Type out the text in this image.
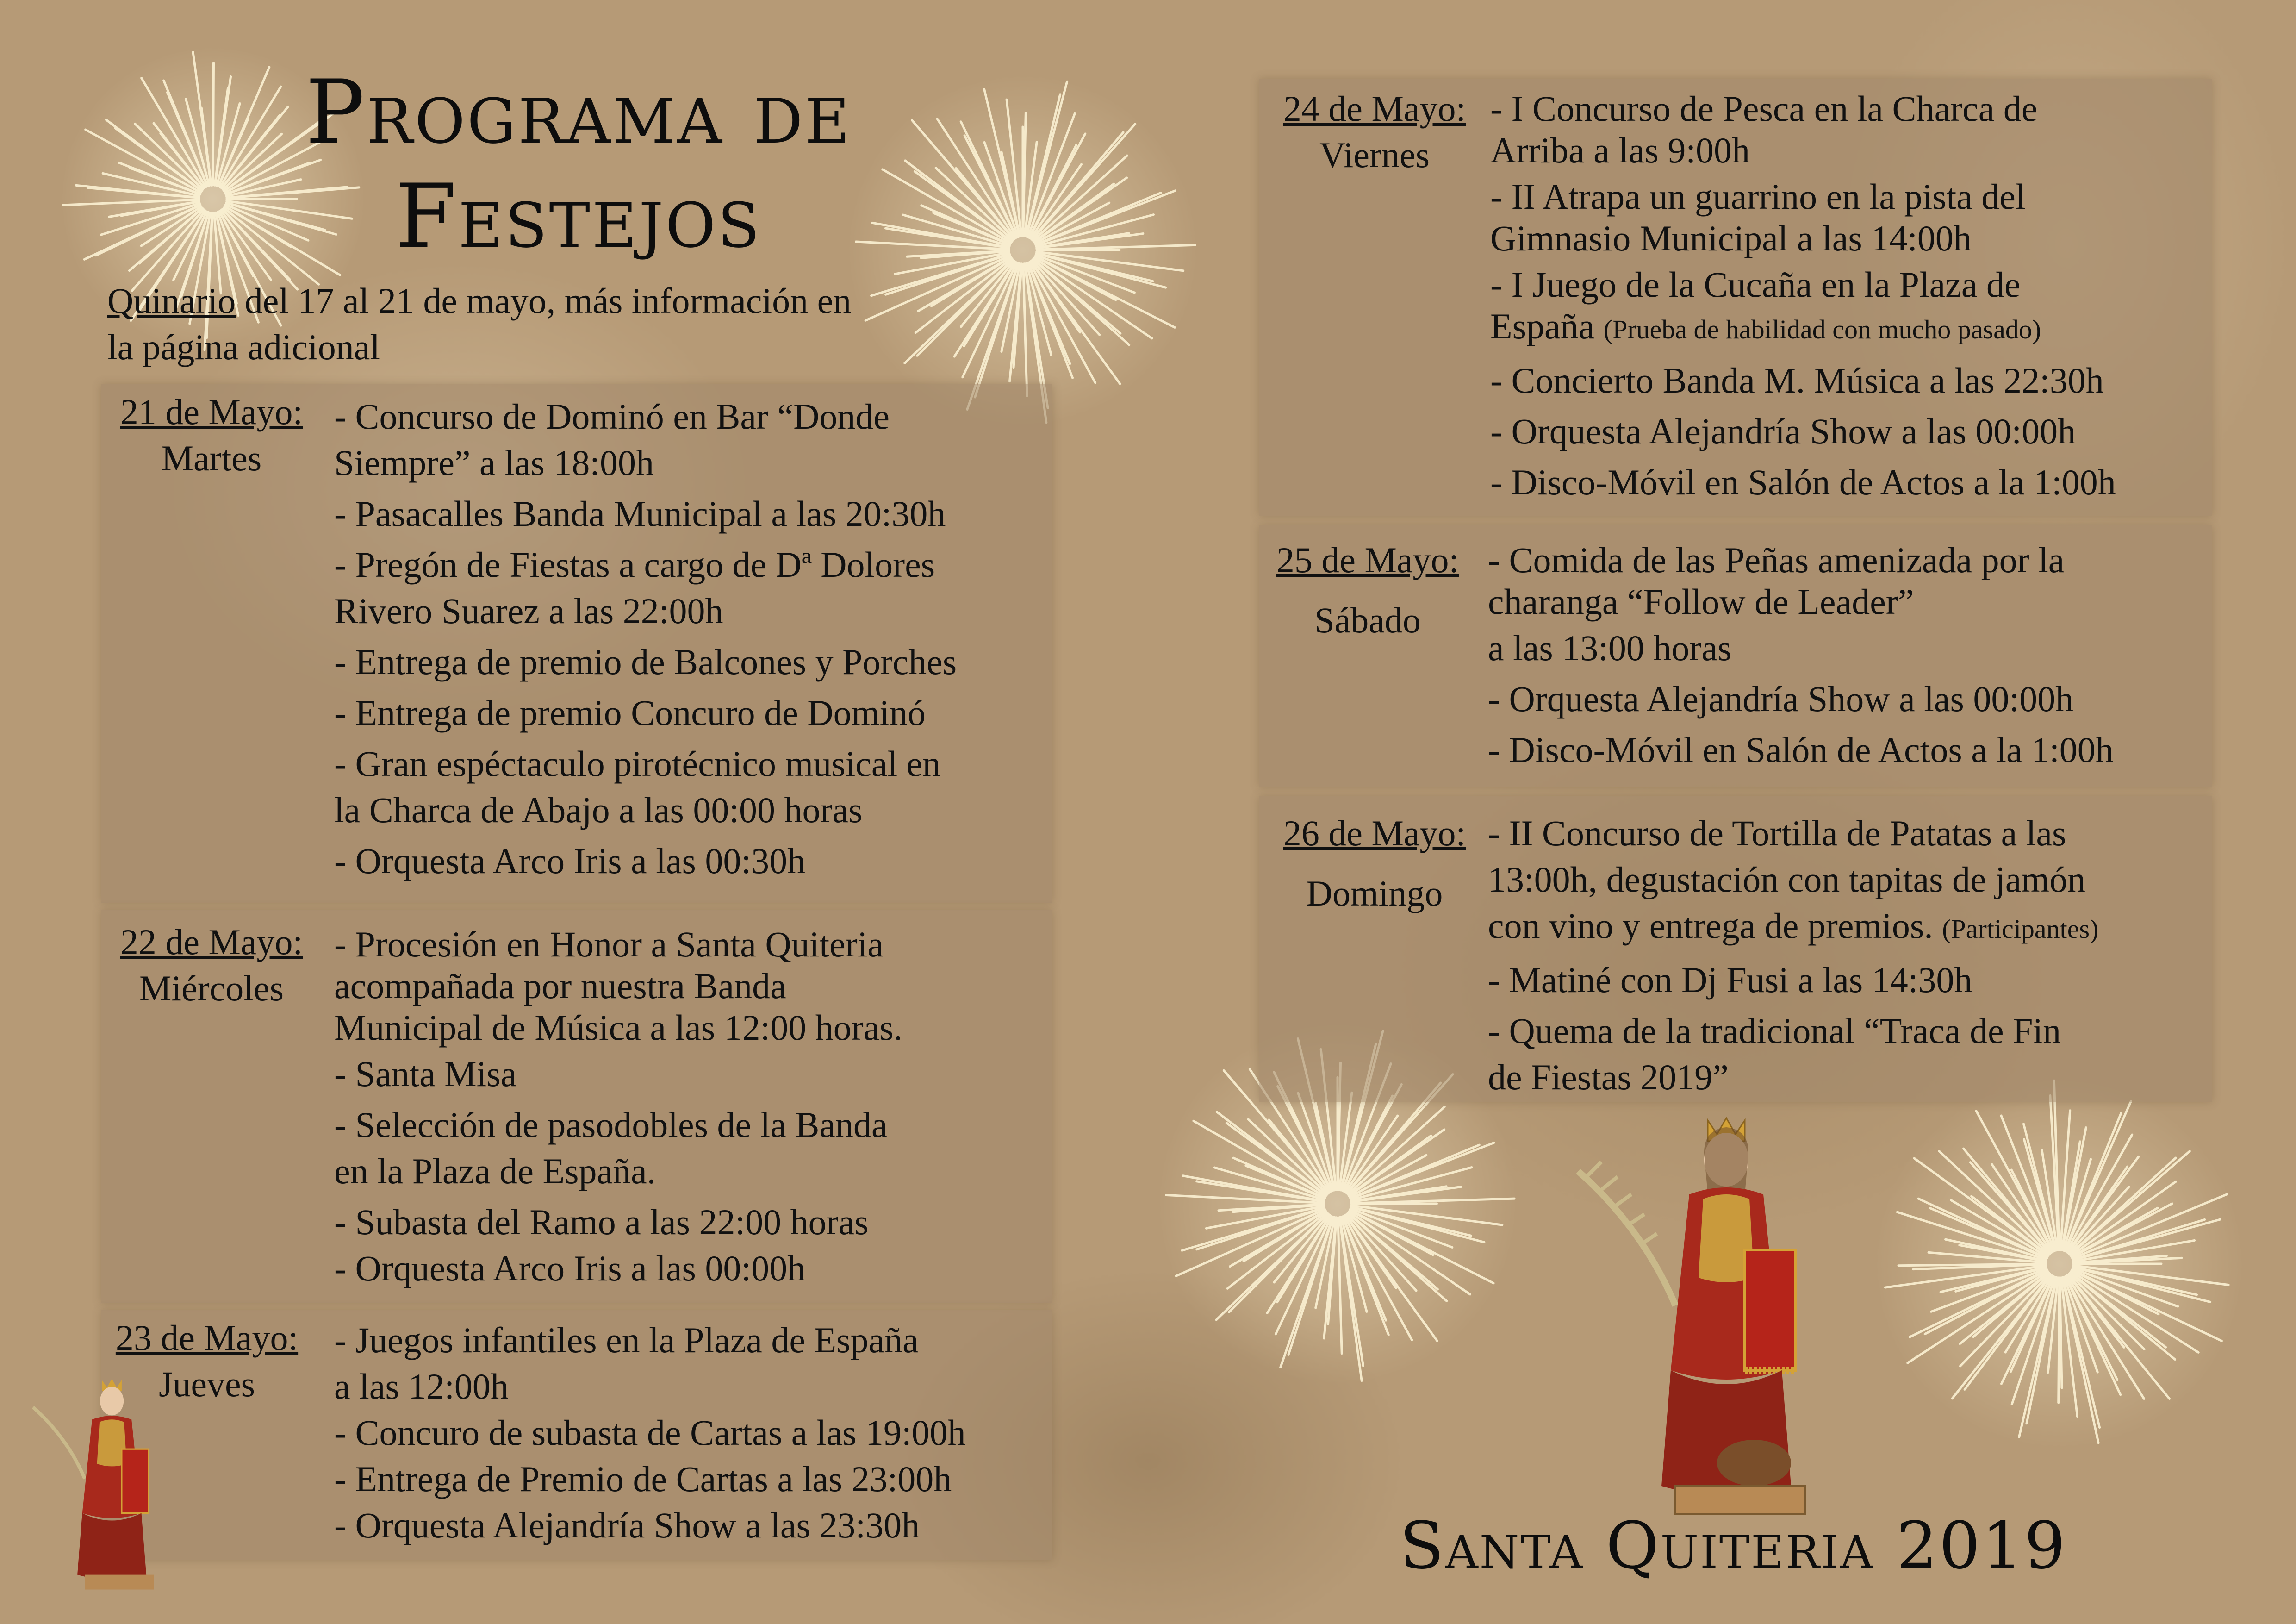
Programa de
Festejos
Quinario del 17 al 21 de mayo, más información en
la página adicional
21 de Mayo:
Martes
- Concurso de Dominó en Bar “Donde
Siempre” a las 18:00h
- Pasacalles Banda Municipal a las 20:30h
- Pregón de Fiestas a cargo de Dª Dolores
Rivero Suarez a las 22:00h
- Entrega de premio de Balcones y Porches
- Entrega de premio Concuro de Dominó
- Gran espéctaculo pirotécnico musical en
la Charca de Abajo a las 00:00 horas
- Orquesta Arco Iris a las 00:30h
22 de Mayo:
Miércoles
- Procesión en Honor a Santa Quiteria
acompañada por nuestra Banda
Municipal de Música a las 12:00 horas.
- Santa Misa
- Selección de pasodobles de la Banda
en la Plaza de España.
- Subasta del Ramo a las 22:00 horas
- Orquesta Arco Iris a las 00:00h
23 de Mayo:
Jueves
- Juegos infantiles en la Plaza de España
a las 12:00h
- Concuro de subasta de Cartas a las 19:00h
- Entrega de Premio de Cartas a las 23:00h
- Orquesta Alejandría Show a las 23:30h
24 de Mayo:
Viernes
- I Concurso de Pesca en la Charca de
Arriba a las 9:00h
- II Atrapa un guarrino en la pista del
Gimnasio Municipal a las 14:00h
- I Juego de la Cucaña en la Plaza de
España (Prueba de habilidad con mucho pasado)
- Concierto Banda M. Música a las 22:30h
- Orquesta Alejandría Show a las 00:00h
- Disco-Móvil en Salón de Actos a la 1:00h
25 de Mayo:
Sábado
- Comida de las Peñas amenizada por la
charanga “Follow de Leader”
a las 13:00 horas
- Orquesta Alejandría Show a las 00:00h
- Disco-Móvil en Salón de Actos a la 1:00h
26 de Mayo:
Domingo
- II Concurso de Tortilla de Patatas a las
13:00h, degustación con tapitas de jamón
con vino y entrega de premios. (Participantes)
- Matiné con Dj Fusi a las 14:30h
- Quema de la tradicional “Traca de Fin
de Fiestas 2019”
Santa Quiteria 2019
